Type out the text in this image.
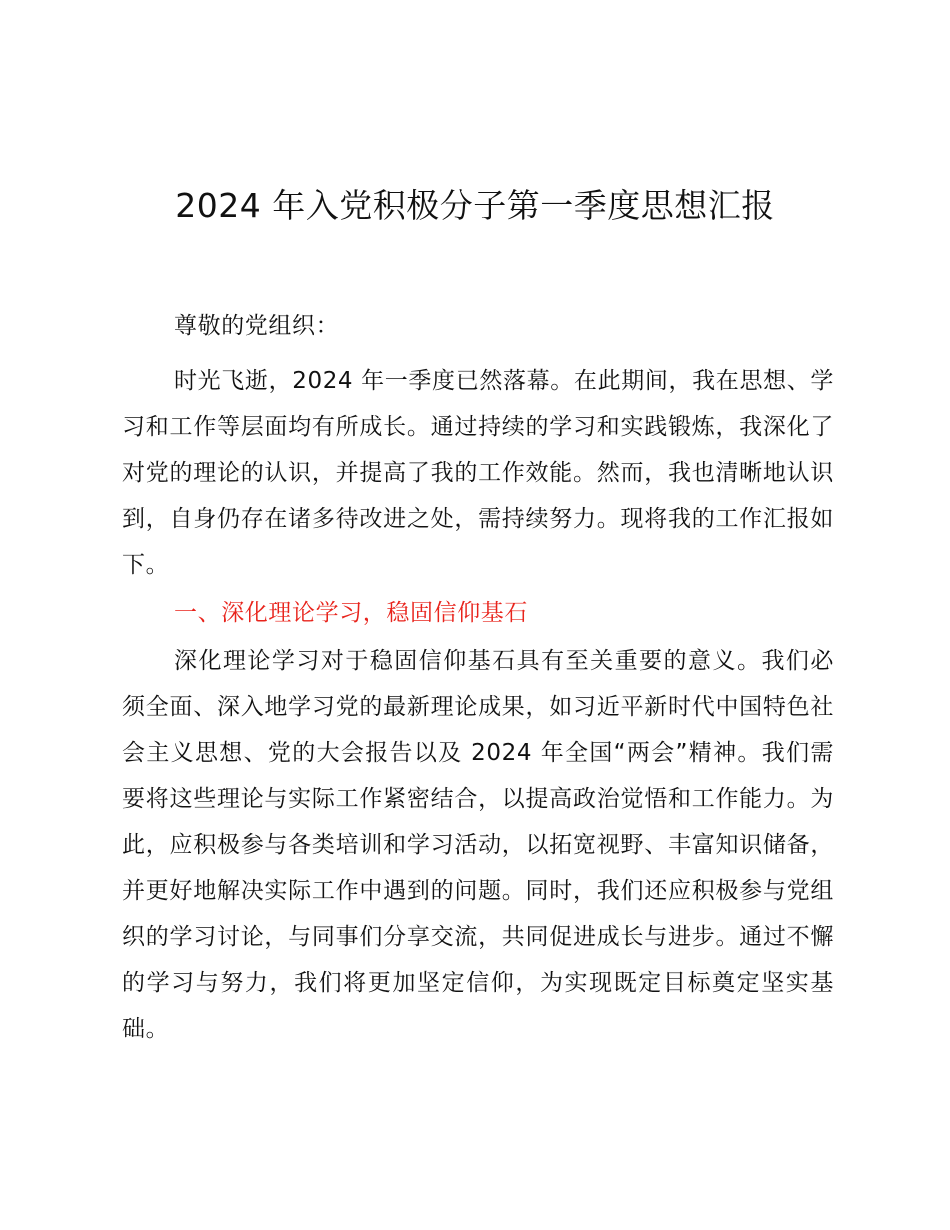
2024 年入党积极分子第一季度思想汇报

尊敬的党组织：

时光飞逝，2024 年一季度已然落幕。在此期间，我在思想、学习和工作等层面均有所成长。通过持续的学习和实践锻炼，我深化了对党的理论的认识，并提高了我的工作效能。然而，我也清晰地认识到，自身仍存在诸多待改进之处，需持续努力。现将我的工作汇报如下。

一、深化理论学习，稳固信仰基石

深化理论学习对于稳固信仰基石具有至关重要的意义。我们必须全面、深入地学习党的最新理论成果，如习近平新时代中国特色社会主义思想、党的大会报告以及 2024 年全国“两会”精神。我们需要将这些理论与实际工作紧密结合，以提高政治觉悟和工作能力。为此，应积极参与各类培训和学习活动，以拓宽视野、丰富知识储备，并更好地解决实际工作中遇到的问题。同时，我们还应积极参与党组织的学习讨论，与同事们分享交流，共同促进成长与进步。通过不懈的学习与努力，我们将更加坚定信仰，为实现既定目标奠定坚实基础。
